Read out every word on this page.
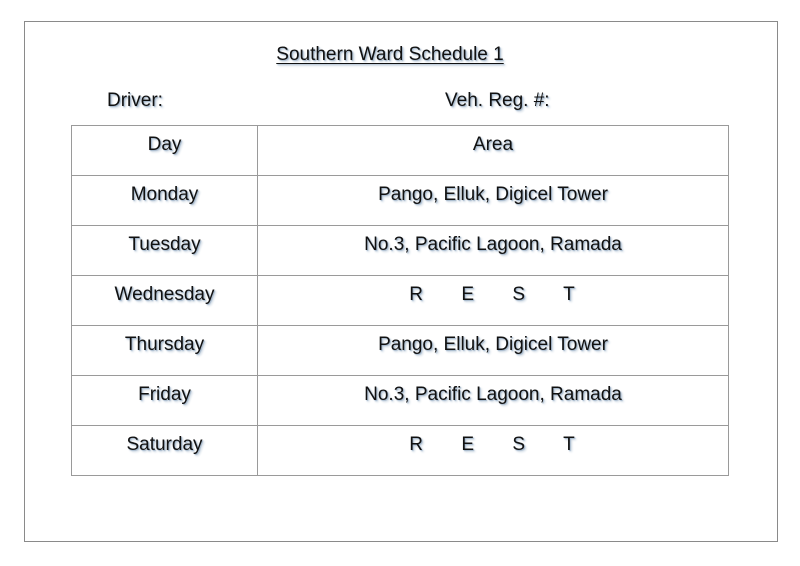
Southern Ward Schedule 1
Driver:	Veh. Reg. #:
Day	Area

Monday	Pango, Elluk, Digicel Tower

Tuesday	No.3, Pacific Lagoon, Ramada

Wednesday	R     E     S     T

Thursday	Pango, Elluk, Digicel Tower

Friday	No.3, Pacific Lagoon, Ramada

Saturday	R     E     S     T
